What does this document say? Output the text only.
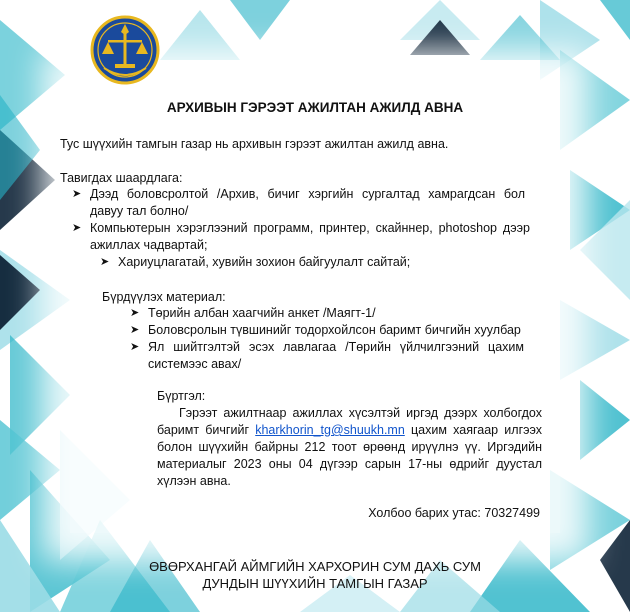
АРХИВЫН ГЭРЭЭТ АЖИЛТАН АЖИЛД АВНА
Тус шүүхийн тамгын газар нь архивын гэрээт ажилтан ажилд авна.
Тавигдах шаардлага:
➤ Дээд боловсролтой /Архив, бичиг хэргийн сургалтад хамрагдсан бол давуу тал болно/
➤ Компьютерын хэрэглээний программ, принтер, скайннер, photoshop дээр ажиллах чадвартай;
➤ Хариуцлагатай, хувийн зохион байгуулалт сайтай;
Бүрдүүлэх материал:
➤ Төрийн албан хаагчийн анкет /Маягт-1/
➤ Боловсролын түвшинийг тодорхойлсон баримт бичгийн хуулбар
➤ Ял шийтгэлтэй эсэх лавлагаа /Төрийн үйлчилгээний цахим системээс авах/
Бүртгэл:
Гэрээт ажилтнаар ажиллах хүсэлтэй иргэд дээрх холбогдох баримт бичгийг kharkhorin_tg@shuukh.mn цахим хаягаар илгээх болон шүүхийн байрны 212 тоот өрөөнд ирүүлнэ үү. Иргэдийн материалыг 2023 оны 04 дүгээр сарын 17-ны өдрийг дуустал хүлээн авна.
Холбоо барих утас: 70327499
ӨВӨРХАНГАЙ АЙМГИЙН ХАРХОРИН СУМ ДАХЬ СУМ
ДУНДЫН ШҮҮХИЙН ТАМГЫН ГАЗАР
